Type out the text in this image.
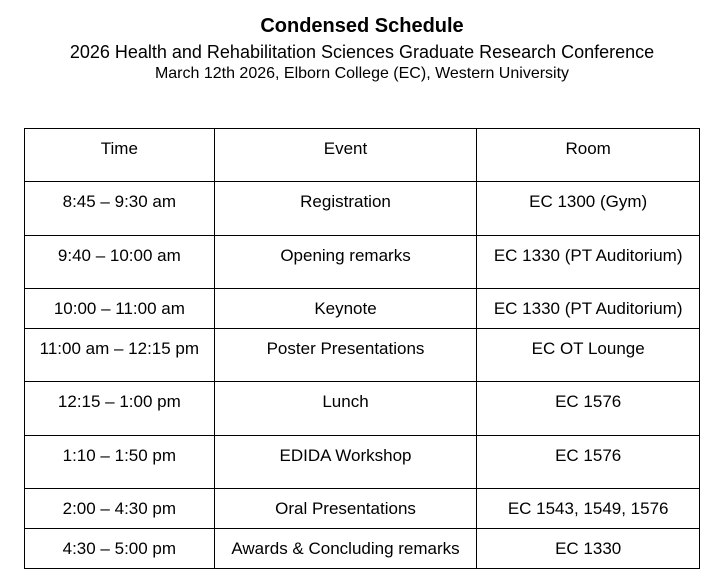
Condensed Schedule
2026 Health and Rehabilitation Sciences Graduate Research Conference
March 12th 2026, Elborn College (EC), Western University
Time	Event	Room
8:45 – 9:30 am	Registration	EC 1300 (Gym)
9:40 – 10:00 am	Opening remarks	EC 1330 (PT Auditorium)
10:00 – 11:00 am	Keynote	EC 1330 (PT Auditorium)
11:00 am – 12:15 pm	Poster Presentations	EC OT Lounge
12:15 – 1:00 pm	Lunch	EC 1576
1:10 – 1:50 pm	EDIDA Workshop	EC 1576
2:00 – 4:30 pm	Oral Presentations	EC 1543, 1549, 1576
4:30 – 5:00 pm	Awards & Concluding remarks	EC 1330
